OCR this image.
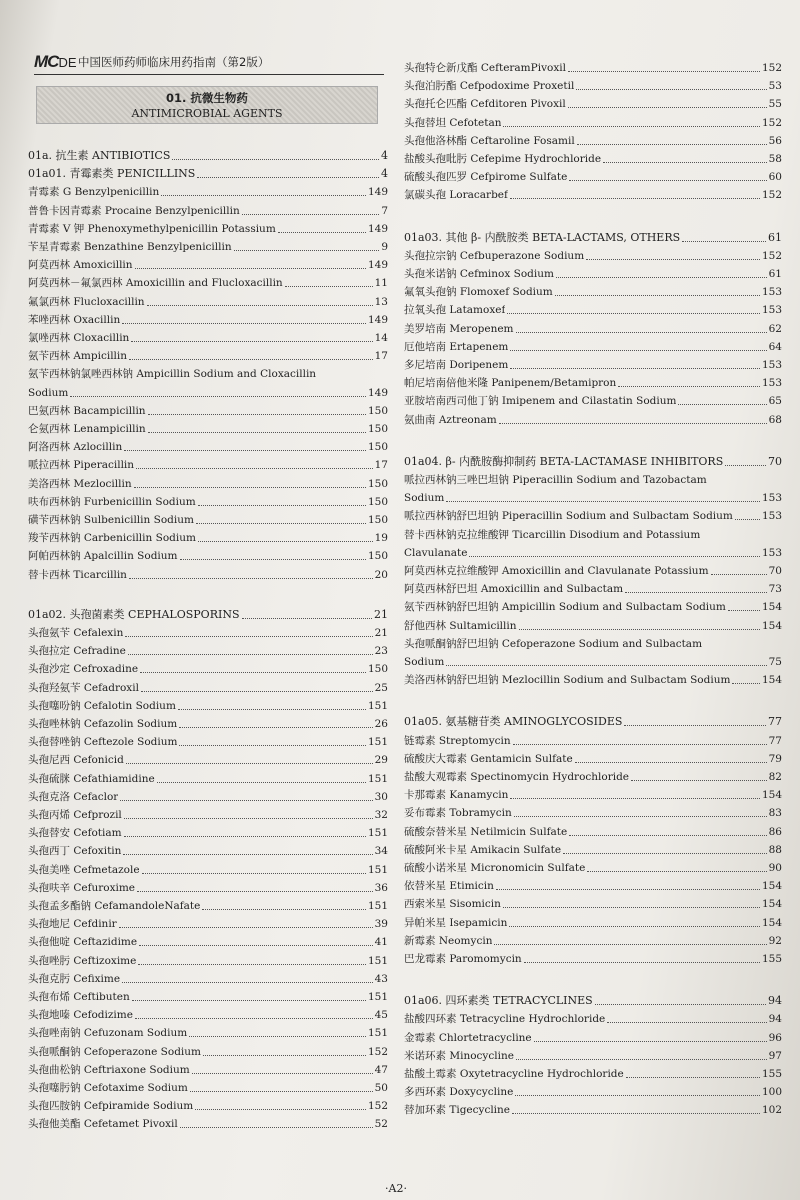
MCDE 中国医师药师临床用药指南（第2版）
01. 抗微生物药
ANTIMICROBIAL AGENTS
01a. 抗生素 ANTIBIOTICS	4
01a01. 青霉素类 PENICILLINS	4
青霉素 G Benzylpenicillin	149
普鲁卡因青霉素 Procaine Benzylpenicillin	7
青霉素 V 钾 Phenoxymethylpenicillin Potassium	149
苄星青霉素 Benzathine Benzylpenicillin	9
阿莫西林 Amoxicillin	149
阿莫西林－氟氯西林 Amoxicillin and Flucloxacillin	11
氟氯西林 Flucloxacillin	13
苯唑西林 Oxacillin	149
氯唑西林 Cloxacillin	14
氨苄西林 Ampicillin	17
氨苄西林钠氯唑西林钠 Ampicillin Sodium and Cloxacillin
Sodium	149
巴氨西林 Bacampicillin	150
仑氨西林 Lenampicillin	150
阿洛西林 Azlocillin	150
哌拉西林 Piperacillin	17
美洛西林 Mezlocillin	150
呋布西林钠 Furbenicillin Sodium	150
磺苄西林钠 Sulbenicillin Sodium	150
羧苄西林钠 Carbenicillin Sodium	19
阿帕西林钠 Apalcillin Sodium	150
替卡西林 Ticarcillin	20
01a02. 头孢菌素类 CEPHALOSPORINS	21
头孢氨苄 Cefalexin	21
头孢拉定 Cefradine	23
头孢沙定 Cefroxadine	150
头孢羟氨苄 Cefadroxil	25
头孢噻吩钠 Cefalotin Sodium	151
头孢唑林钠 Cefazolin Sodium	26
头孢替唑钠 Ceftezole Sodium	151
头孢尼西 Cefonicid	29
头孢硫脒 Cefathiamidine	151
头孢克洛 Cefaclor	30
头孢丙烯 Cefprozil	32
头孢替安 Cefotiam	151
头孢西丁 Cefoxitin	34
头孢美唑 Cefmetazole	151
头孢呋辛 Cefuroxime	36
头孢孟多酯钠 CefamandoleNafate	151
头孢地尼 Cefdinir	39
头孢他啶 Ceftazidime	41
头孢唑肟 Ceftizoxime	151
头孢克肟 Cefixime	43
头孢布烯 Ceftibuten	151
头孢地嗪 Cefodizime	45
头孢唑南钠 Cefuzonam Sodium	151
头孢哌酮钠 Cefoperazone Sodium	152
头孢曲松钠 Ceftriaxone Sodium	47
头孢噻肟钠 Cefotaxime Sodium	50
头孢匹胺钠 Cefpiramide Sodium	152
头孢他美酯 Cefetamet Pivoxil	52
头孢特仑新戊酯 CefteramPivoxil	152
头孢泊肟酯 Cefpodoxime Proxetil	53
头孢托仑匹酯 Cefditoren Pivoxil	55
头孢替坦 Cefotetan	152
头孢他洛林酯 Ceftaroline Fosamil	56
盐酸头孢吡肟 Cefepime Hydrochloride	58
硫酸头孢匹罗 Cefpirome Sulfate	60
氯碳头孢 Loracarbef	152
01a03. 其他 β- 内酰胺类 BETA-LACTAMS, OTHERS	61
头孢拉宗钠 Cefbuperazone Sodium	152
头孢米诺钠 Cefminox Sodium	61
氟氧头孢钠 Flomoxef Sodium	153
拉氧头孢 Latamoxef	153
美罗培南 Meropenem	62
厄他培南 Ertapenem	64
多尼培南 Doripenem	153
帕尼培南倍他米隆 Panipenem/Betamipron	153
亚胺培南西司他丁钠 Imipenem and Cilastatin Sodium	65
氨曲南 Aztreonam	68
01a04. β- 内酰胺酶抑制药 BETA-LACTAMASE INHIBITORS	70
哌拉西林钠三唑巴坦钠 Piperacillin Sodium and Tazobactam
Sodium	153
哌拉西林钠舒巴坦钠 Piperacillin Sodium and Sulbactam Sodium	153
替卡西林钠克拉维酸钾 Ticarcillin Disodium and Potassium
Clavulanate	153
阿莫西林克拉维酸钾 Amoxicillin and Clavulanate Potassium	70
阿莫西林舒巴坦 Amoxicillin and Sulbactam	73
氨苄西林钠舒巴坦钠 Ampicillin Sodium and Sulbactam Sodium	154
舒他西林 Sultamicillin	154
头孢哌酮钠舒巴坦钠 Cefoperazone Sodium and Sulbactam
Sodium	75
美洛西林钠舒巴坦钠 Mezlocillin Sodium and Sulbactam Sodium	154
01a05. 氨基糖苷类 AMINOGLYCOSIDES	77
链霉素 Streptomycin	77
硫酸庆大霉素 Gentamicin Sulfate	79
盐酸大观霉素 Spectinomycin Hydrochloride	82
卡那霉素 Kanamycin	154
妥布霉素 Tobramycin	83
硫酸奈替米星 Netilmicin Sulfate	86
硫酸阿米卡星 Amikacin Sulfate	88
硫酸小诺米星 Micronomicin Sulfate	90
依替米星 Etimicin	154
西索米星 Sisomicin	154
异帕米星 Isepamicin	154
新霉素 Neomycin	92
巴龙霉素 Paromomycin	155
01a06. 四环素类 TETRACYCLINES	94
盐酸四环素 Tetracycline Hydrochloride	94
金霉素 Chlortetracycline	96
米诺环素 Minocycline	97
盐酸土霉素 Oxytetracycline Hydrochloride	155
多西环素 Doxycycline	100
替加环素 Tigecycline	102
·A2·
